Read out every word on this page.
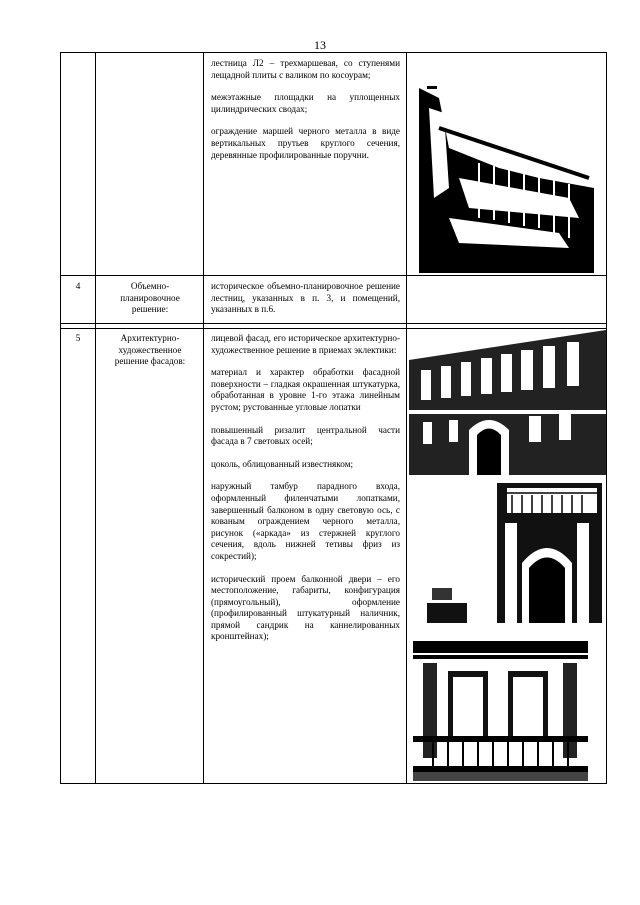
13

лестница Л2 – трехмаршевая, со ступенями лещадной плиты с валиком по косоурам;

межэтажные площадки на уплощенных цилиндрических сводах;

ограждение маршей черного металла в виде вертикальных прутьев круглого сечения, деревянные профилированные поручни.

4	Объемно-планировочное решение:

историческое объемно-планировочное решение лестниц, указанных в п. 3, и помещений, указанных в п.6.

5	Архитектурно-художественное решение фасадов:

лицевой фасад, его историческое архитектурно-художественное решение в приемах эклектики:

материал и характер обработки фасадной поверхности – гладкая окрашенная штукатурка, обработанная в уровне 1-го этажа линейным рустом; рустованные угловые лопатки

повышенный ризалит центральной части фасада в 7 световых осей;

цоколь, облицованный известняком;

наружный тамбур парадного входа, оформленный филенчатыми лопатками, завершенный балконом в одну световую ось, с кованым ограждением черного металла, рисунок («аркада» из стержней круглого сечения, вдоль нижней тетивы фриз из сокрестий);

исторический проем балконной двери – его местоположение, габариты, конфигурация (прямоугольный), оформление (профилированный штукатурный наличник, прямой сандрик на каннелированных кронштейнах);
